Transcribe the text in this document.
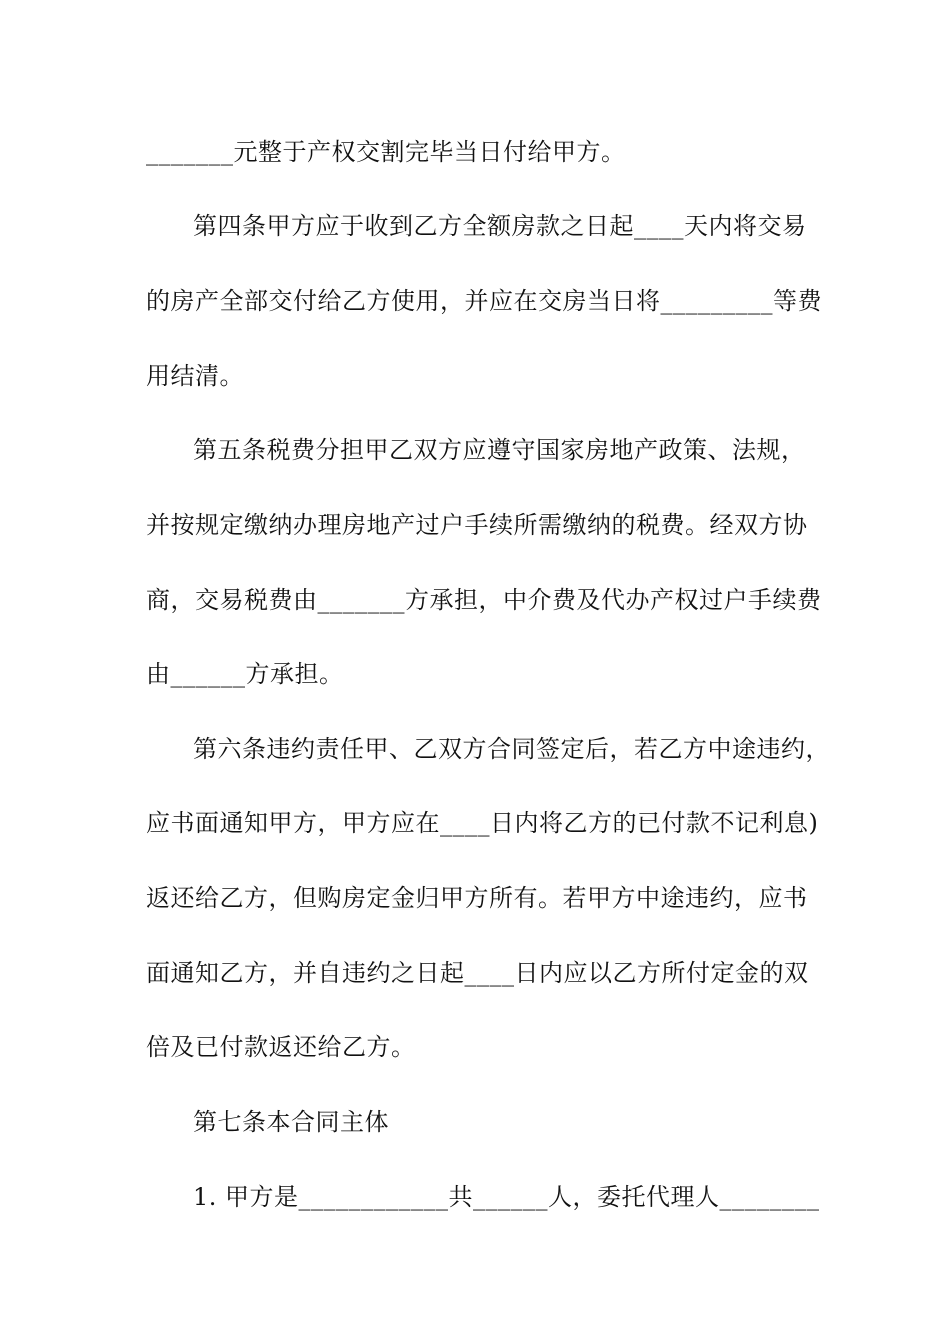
_______元整于产权交割完毕当日付给甲方。
第四条甲方应于收到乙方全额房款之日起____天内将交易
的房产全部交付给乙方使用，并应在交房当日将_________等费
用结清。
第五条税费分担甲乙双方应遵守国家房地产政策、法规，
并按规定缴纳办理房地产过户手续所需缴纳的税费。经双方协
商，交易税费由_______方承担，中介费及代办产权过户手续费
由______方承担。
第六条违约责任甲、乙双方合同签定后，若乙方中途违约，
应书面通知甲方，甲方应在____日内将乙方的已付款不记利息)
返还给乙方，但购房定金归甲方所有。若甲方中途违约，应书
面通知乙方，并自违约之日起____日内应以乙方所付定金的双
倍及已付款返还给乙方。
第七条本合同主体
1. 甲方是____________共______人，委托代理人________
